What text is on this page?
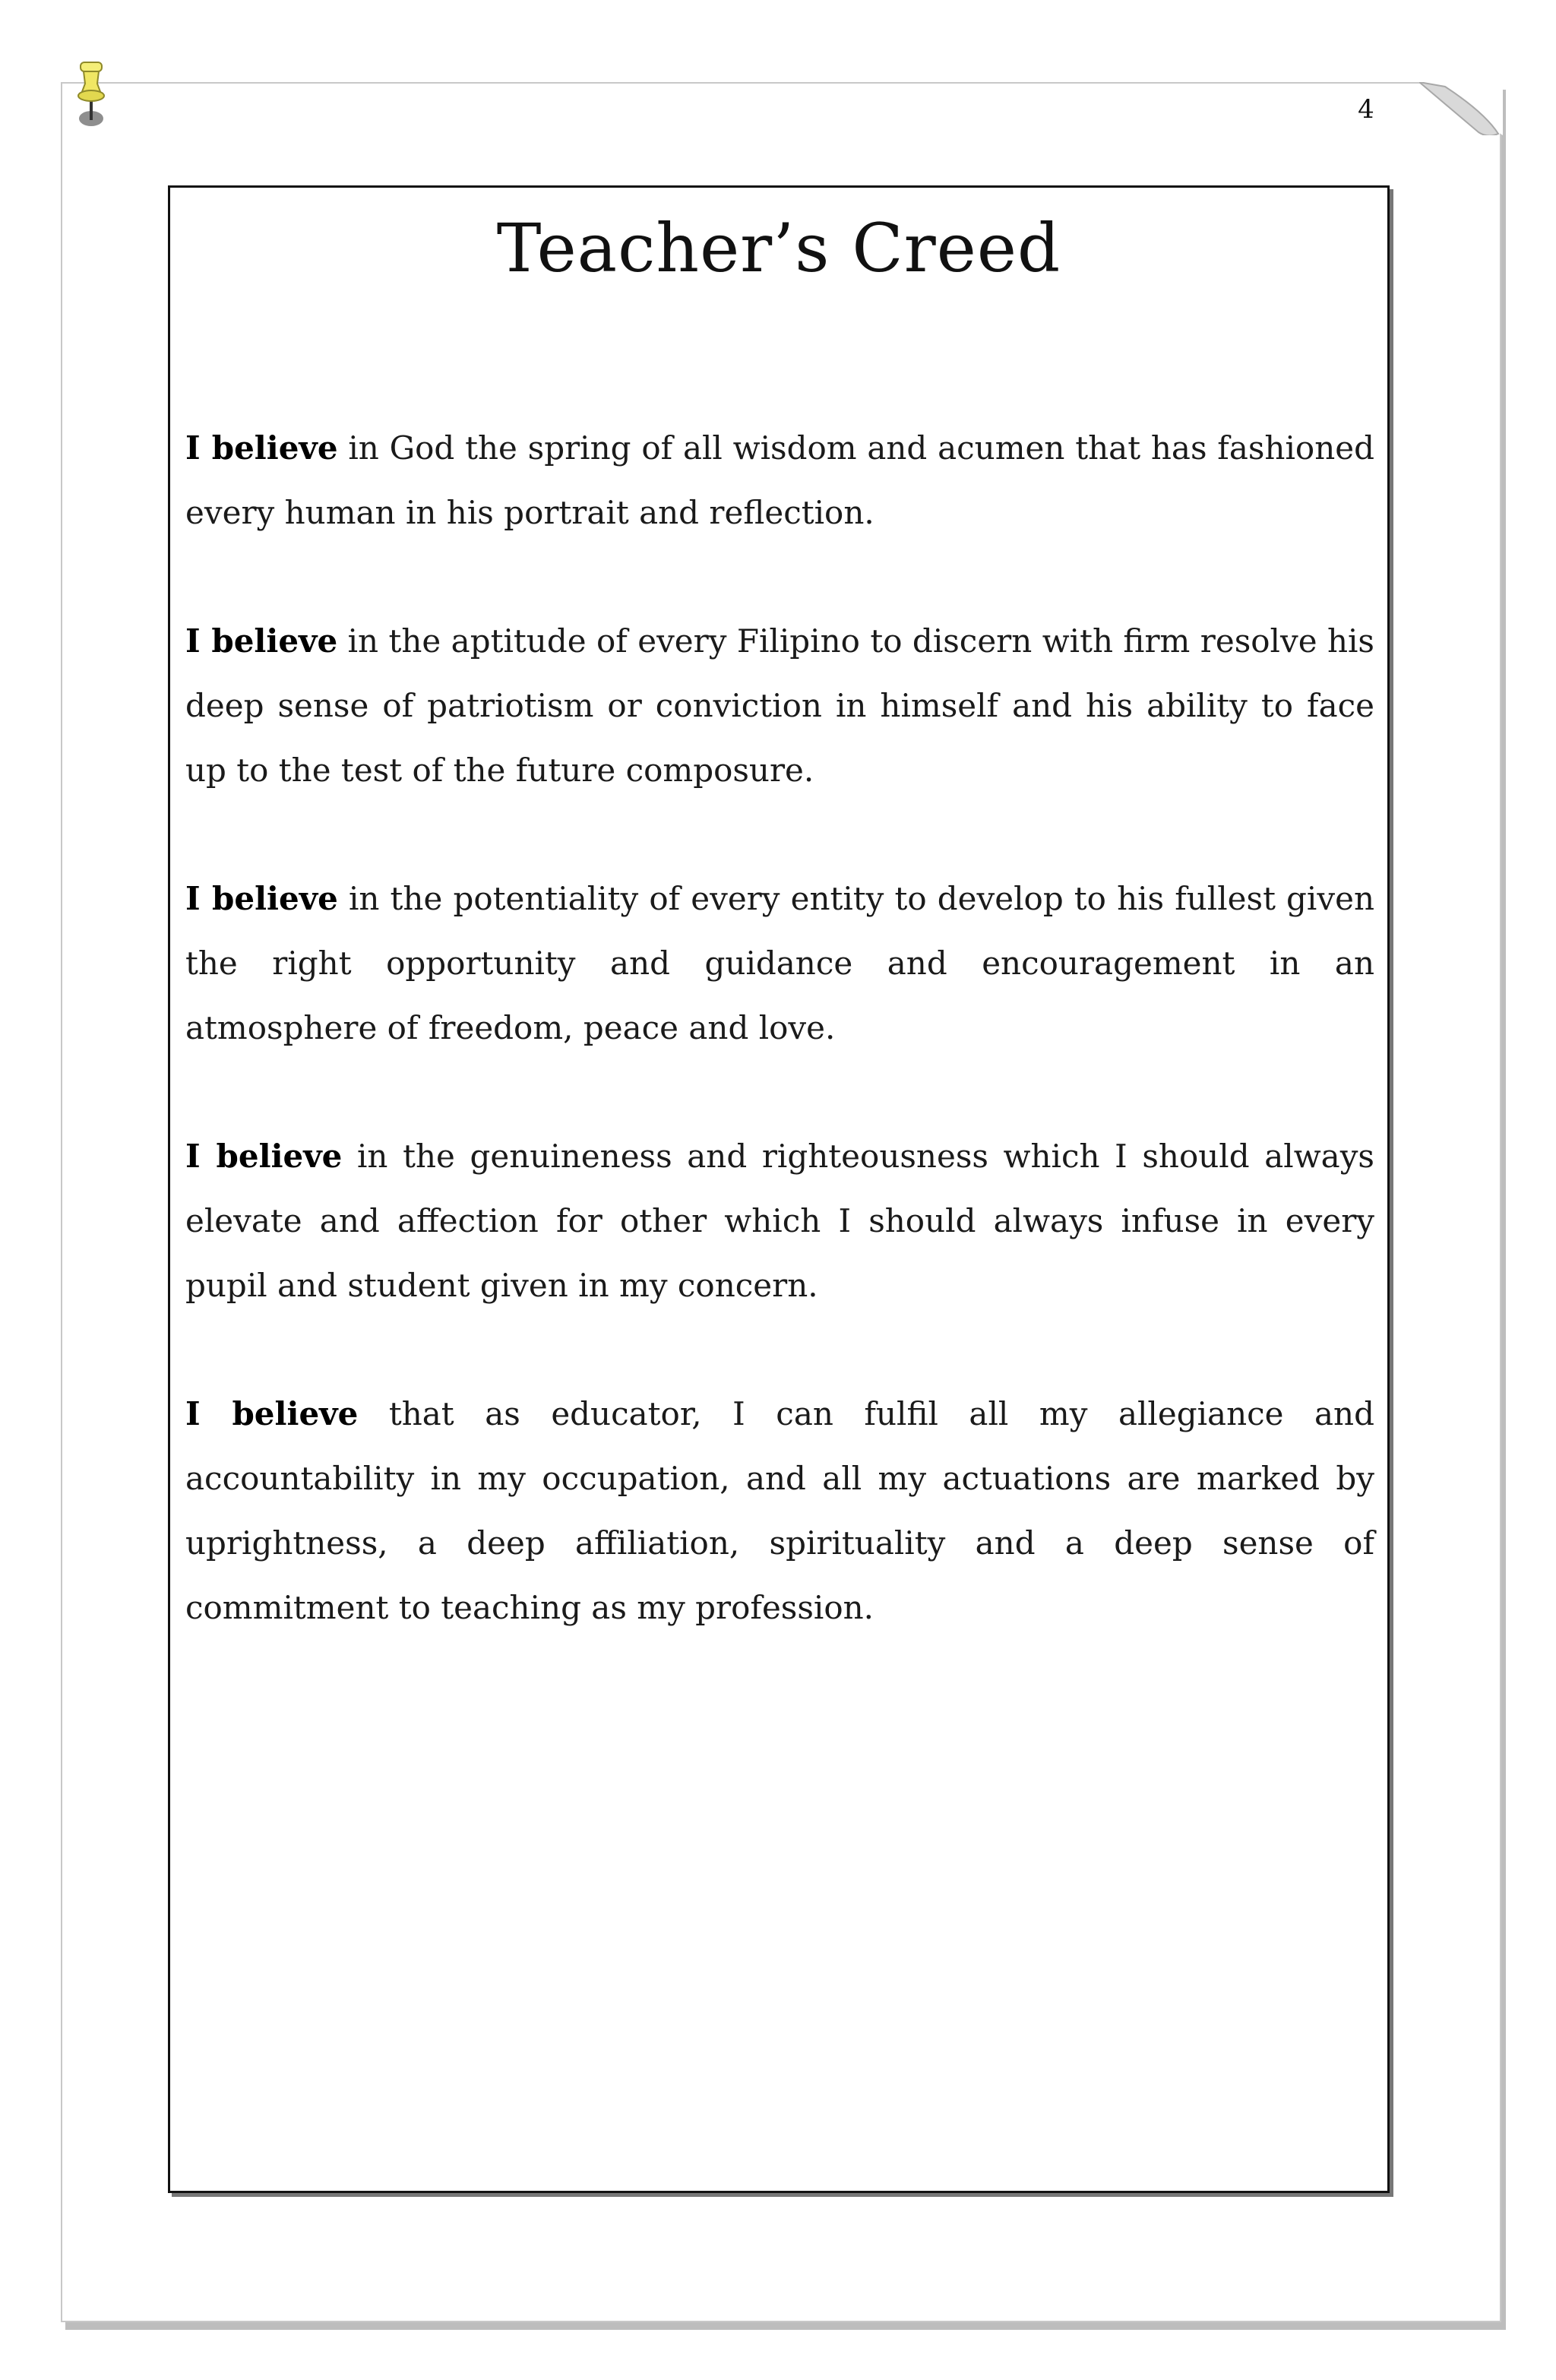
4
Teacher’s Creed

I believe in God the spring of all wisdom and acumen that has fashioned every human in his portrait and reflection.

I believe in the aptitude of every Filipino to discern with firm resolve his deep sense of patriotism or conviction in himself and his ability to face up to the test of the future composure.

I believe in the potentiality of every entity to develop to his fullest given the right opportunity and guidance and encouragement in an atmosphere of freedom, peace and love.

I believe in the genuineness and righteousness which I should always elevate and affection for other which I should always infuse in every pupil and student given in my concern.

I believe that as educator, I can fulfil all my allegiance and accountability in my occupation, and all my actuations are marked by uprightness, a deep affiliation, spirituality and a deep sense of commitment to teaching as my profession.
